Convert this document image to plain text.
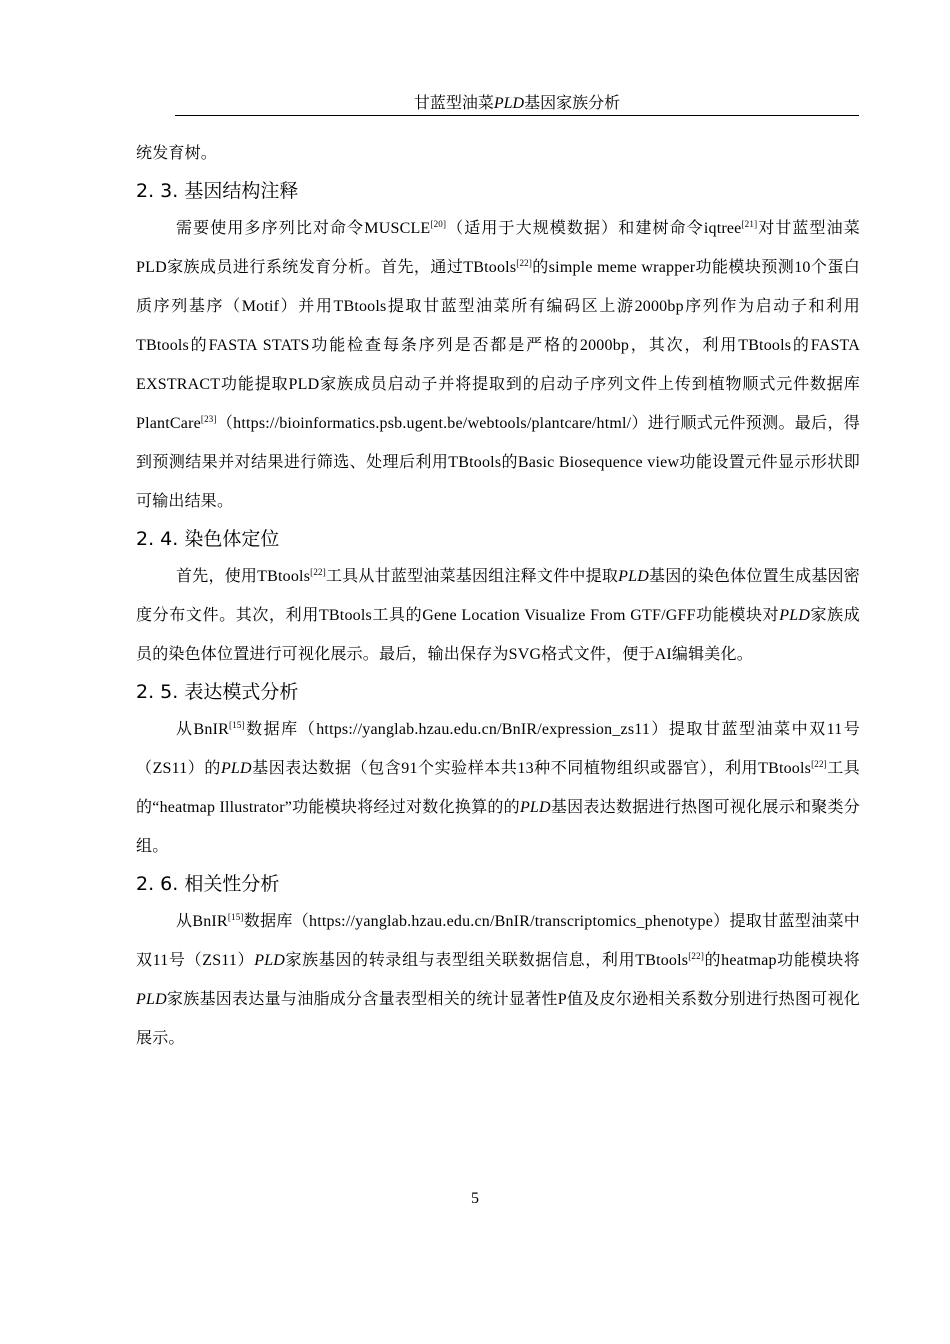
甘蓝型油菜PLD基因家族分析

统发育树。

2. 3. 基因结构注释

需要使用多序列比对命令MUSCLE[20]（适用于大规模数据）和建树命令iqtree[21]对甘蓝型油菜PLD家族成员进行系统发育分析。首先，通过TBtools[22]的simple meme wrapper功能模块预测10个蛋白质序列基序（Motif）并用TBtools提取甘蓝型油菜所有编码区上游2000bp序列作为启动子和利用TBtools的FASTA STATS功能检查每条序列是否都是严格的2000bp，其次，利用TBtools的FASTA EXSTRACT功能提取PLD家族成员启动子并将提取到的启动子序列文件上传到植物顺式元件数据库PlantCare[23]（https://bioinformatics.psb.ugent.be/webtools/plantcare/html/）进行顺式元件预测。最后，得到预测结果并对结果进行筛选、处理后利用TBtools的Basic Biosequence view功能设置元件显示形状即可输出结果。

2. 4. 染色体定位

首先，使用TBtools[22]工具从甘蓝型油菜基因组注释文件中提取PLD基因的染色体位置生成基因密度分布文件。其次，利用TBtools工具的Gene Location Visualize From GTF/GFF功能模块对PLD家族成员的染色体位置进行可视化展示。最后，输出保存为SVG格式文件，便于AI编辑美化。

2. 5. 表达模式分析

从BnIR[15]数据库（https://yanglab.hzau.edu.cn/BnIR/expression_zs11）提取甘蓝型油菜中双11号（ZS11）的PLD基因表达数据（包含91个实验样本共13种不同植物组织或器官），利用TBtools[22]工具的“heatmap Illustrator”功能模块将经过对数化换算的的PLD基因表达数据进行热图可视化展示和聚类分组。

2. 6. 相关性分析

从BnIR[15]数据库（https://yanglab.hzau.edu.cn/BnIR/transcriptomics_phenotype）提取甘蓝型油菜中双11号（ZS11）PLD家族基因的转录组与表型组关联数据信息，利用TBtools[22]的heatmap功能模块将PLD家族基因表达量与油脂成分含量表型相关的统计显著性P值及皮尔逊相关系数分别进行热图可视化展示。

5
